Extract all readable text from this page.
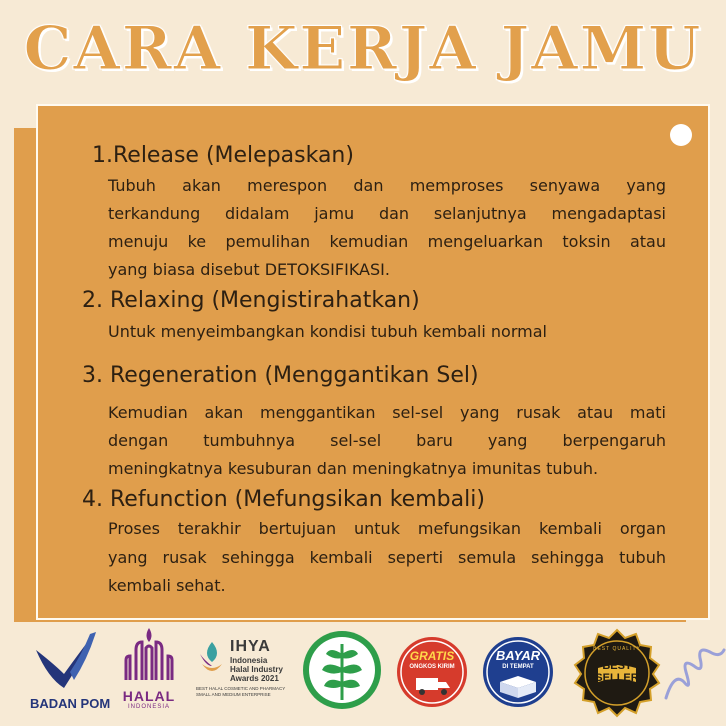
CARA KERJA JAMU
1.Release (Melepaskan)
Tubuh akan merespon dan memproses senyawa yang
terkandung didalam jamu dan selanjutnya mengadaptasi
menuju ke pemulihan kemudian mengeluarkan toksin atau
yang biasa disebut DETOKSIFIKASI.
2. Relaxing (Mengistirahatkan)
Untuk menyeimbangkan kondisi tubuh kembali normal
3. Regeneration (Menggantikan Sel)
Kemudian akan menggantikan sel-sel yang rusak atau mati
dengan tumbuhnya sel-sel baru yang berpengaruh
meningkatnya kesuburan dan meningkatnya imunitas tubuh.
4. Refunction (Mefungsikan kembali)
Proses terakhir bertujuan untuk mefungsikan kembali organ
yang rusak sehingga kembali seperti semula sehingga tubuh
kembali sehat.
BADAN POM HALAL
INDONESIA
IHYA
Indonesia
Halal Industry
Awards 2021
BEST HALAL COSMETIC AND PHARMACY
SMALL AND MEDIUM ENTERPRISE
GRATIS
ONGKOS KIRIM
BAYAR
DI TEMPAT
BEST QUALITY
BEST
SELLER
